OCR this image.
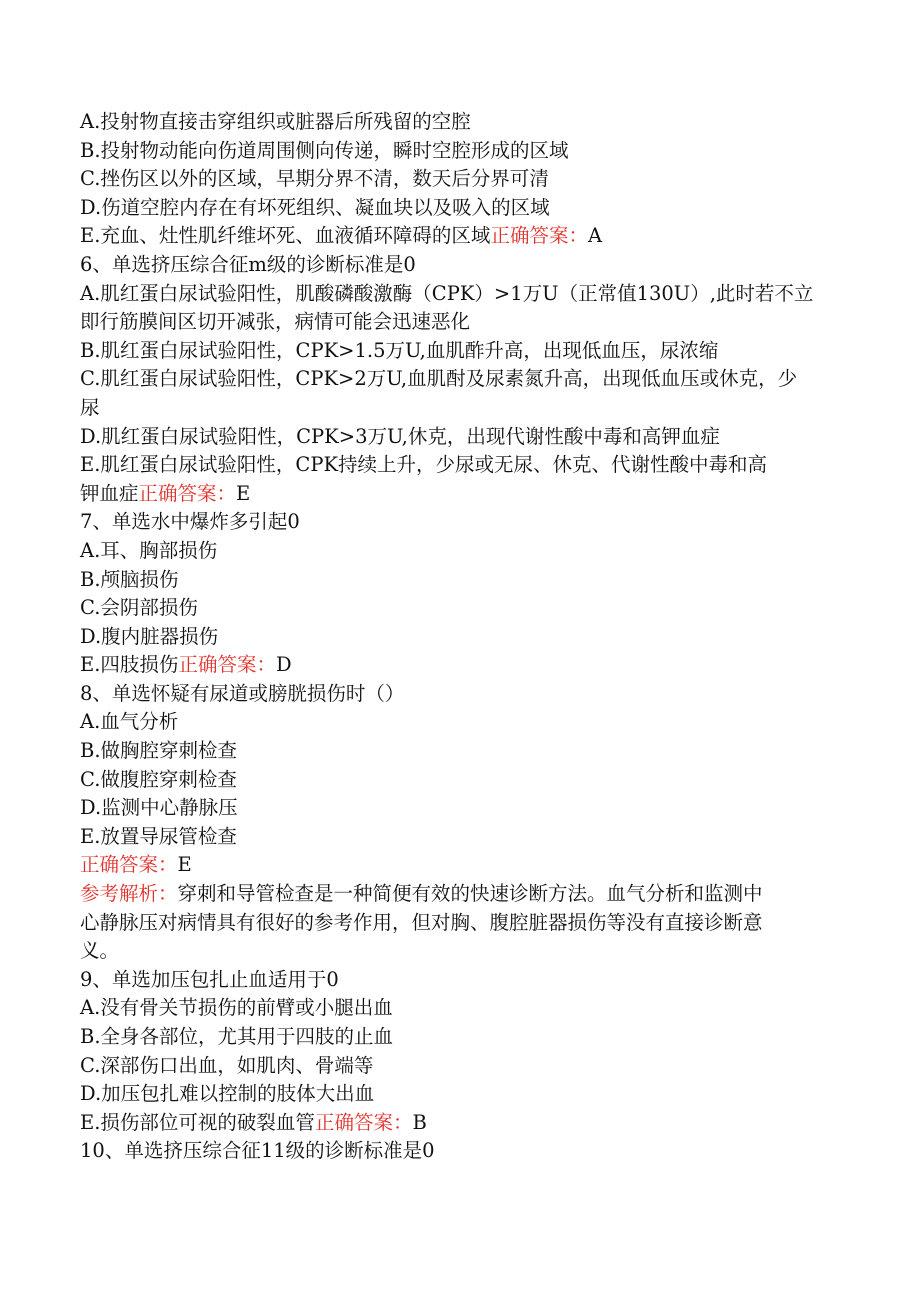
A.投射物直接击穿组织或脏器后所残留的空腔
B.投射物动能向伤道周围侧向传递，瞬时空腔形成的区域
C.挫伤区以外的区域，早期分界不清，数天后分界可清
D.伤道空腔内存在有坏死组织、凝血块以及吸入的区域
E.充血、灶性肌纤维坏死、血液循环障碍的区域正确答案：A
6、单选挤压综合征m级的诊断标准是0
A.肌红蛋白尿试验阳性，肌酸磷酸激酶（CPK）>1万U（正常值130U）,此时若不立
即行筋膜间区切开减张，病情可能会迅速恶化
B.肌红蛋白尿试验阳性，CPK>1.5万U,血肌酢升高，出现低血压，尿浓缩
C.肌红蛋白尿试验阳性，CPK>2万U,血肌酎及尿素氮升高，出现低血压或休克，少
尿
D.肌红蛋白尿试验阳性，CPK>3万U,休克，出现代谢性酸中毒和高钾血症
E.肌红蛋白尿试验阳性，CPK持续上升，少尿或无尿、休克、代谢性酸中毒和高
钾血症正确答案：E
7、单选水中爆炸多引起0
A.耳、胸部损伤
B.颅脑损伤
C.会阴部损伤
D.腹内脏器损伤
E.四肢损伤正确答案：D
8、单选怀疑有尿道或膀胱损伤时（）
A.血气分析
B.做胸腔穿刺检查
C.做腹腔穿刺检查
D.监测中心静脉压
E.放置导尿管检查
正确答案：E
参考解析：穿刺和导管检查是一种简便有效的快速诊断方法。血气分析和监测中
心静脉压对病情具有很好的参考作用，但对胸、腹腔脏器损伤等没有直接诊断意
义。
9、单选加压包扎止血适用于0
A.没有骨关节损伤的前臂或小腿出血
B.全身各部位，尤其用于四肢的止血
C.深部伤口出血，如肌肉、骨端等
D.加压包扎难以控制的肢体大出血
E.损伤部位可视的破裂血管正确答案：B
10、单选挤压综合征11级的诊断标准是0
